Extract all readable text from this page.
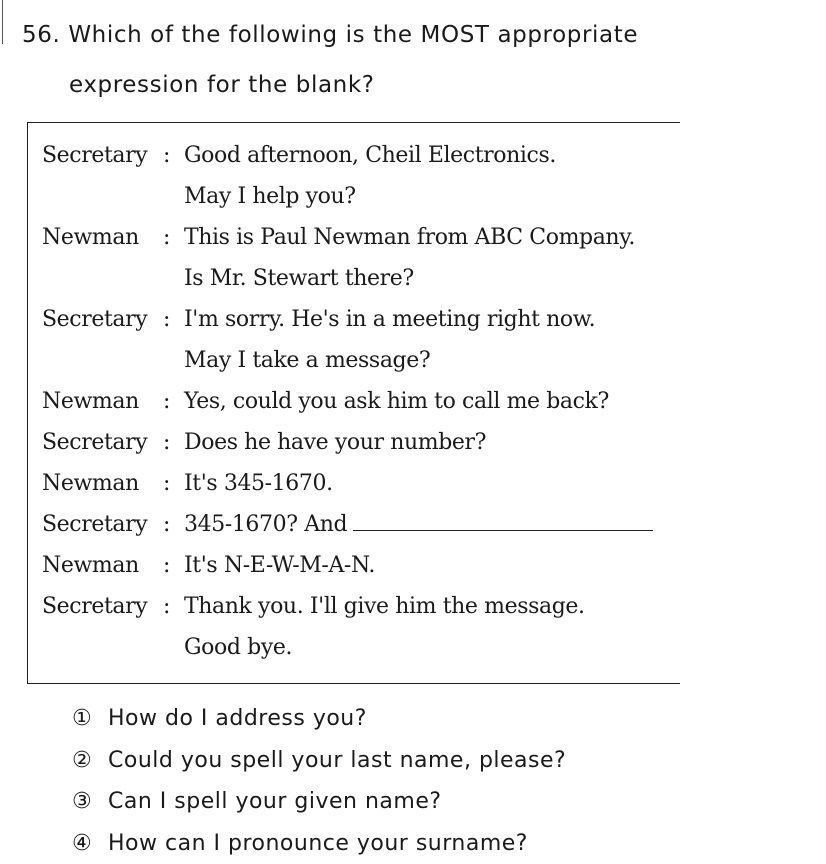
56. Which of the following is the MOST appropriate
expression for the blank?
Secretary : Good afternoon, Cheil Electronics.
May I help you?
Newman : This is Paul Newman from ABC Company.
Is Mr. Stewart there?
Secretary : I'm sorry. He's in a meeting right now.
May I take a message?
Newman : Yes, could you ask him to call me back?
Secretary : Does he have your number?
Newman : It's 345-1670.
Secretary : 345-1670? And
Newman : It's N-E-W-M-A-N.
Secretary : Thank you. I'll give him the message.
Good bye.
① How do I address you?
② Could you spell your last name, please?
③ Can I spell your given name?
④ How can I pronounce your surname?
